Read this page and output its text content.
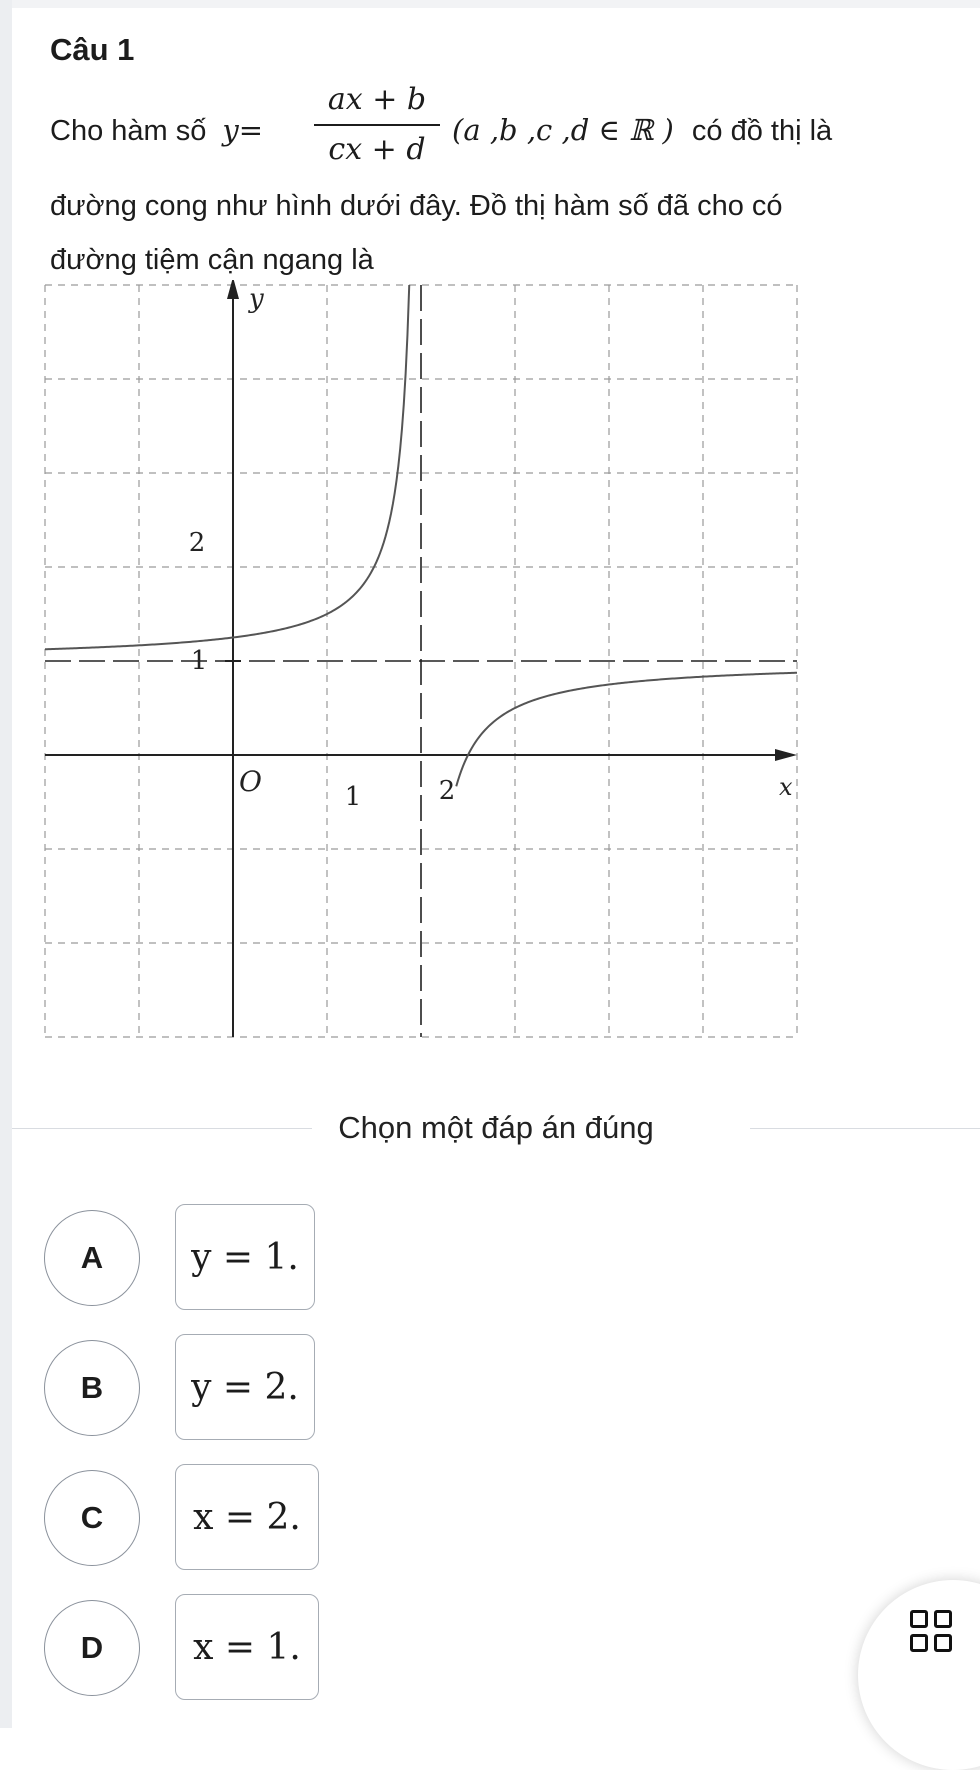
Câu 1
Cho hàm số y=
ax + b
cx + d
(a ,b ,c ,d ∈ ℝ ) có đồ thị là
đường cong như hình dưới đây. Đồ thị hàm số đã cho có
đường tiệm cận ngang là
y
x
O	1	2
2
1
Chọn một đáp án đúng
A	y = 1.
B	y = 2.
C	x = 2.
D	x = 1.
